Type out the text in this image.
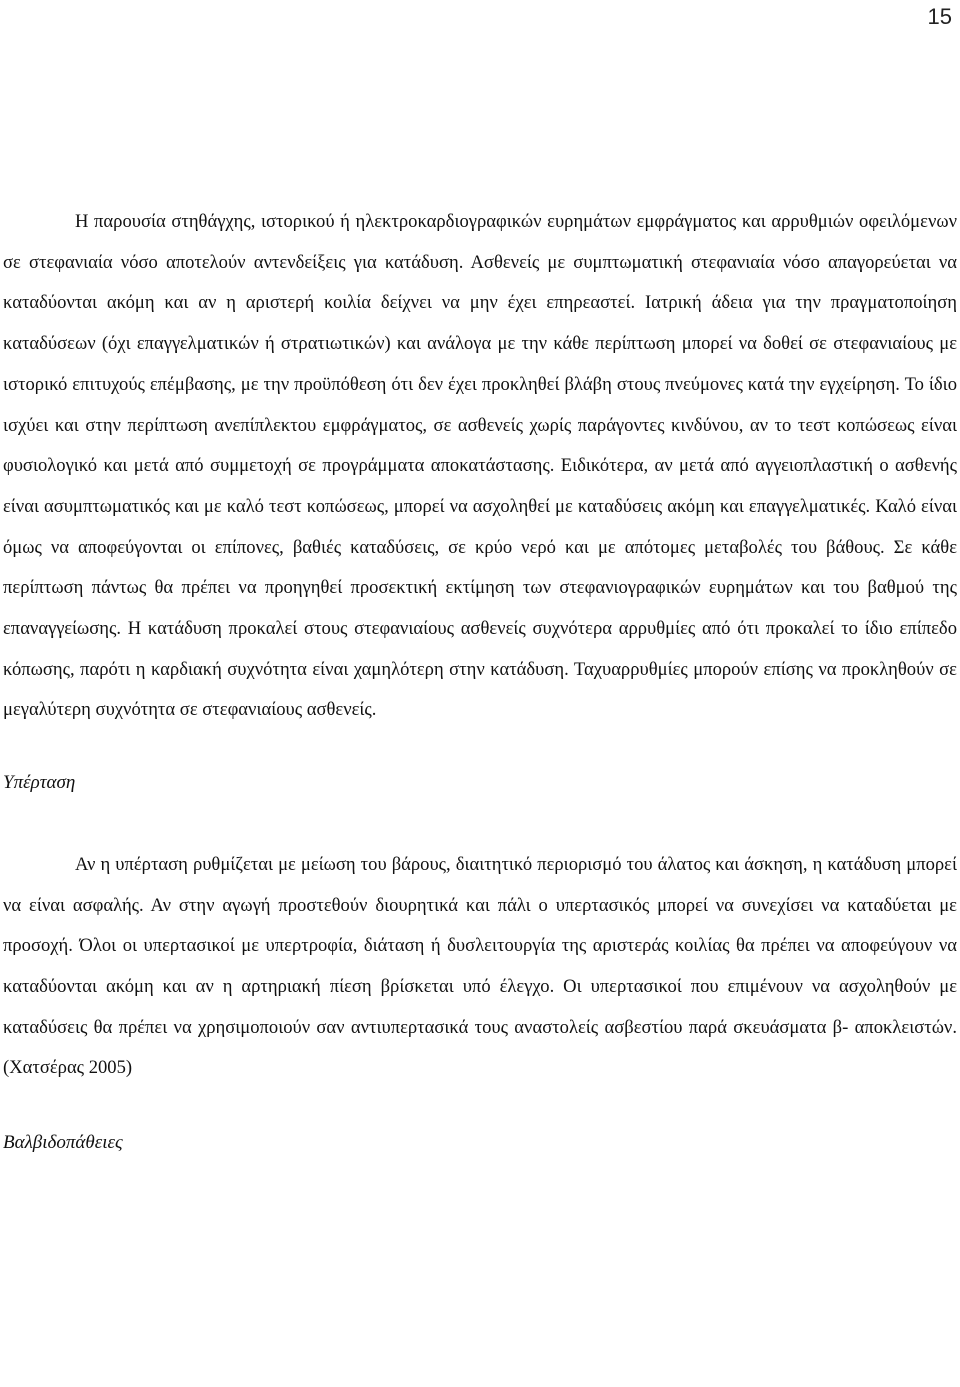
15

Η παρουσία στηθάγχης, ιστορικού ή ηλεκτροκαρδιογραφικών ευρημάτων εμφράγματος και αρρυθμιών οφειλόμενων σε στεφανιαία νόσο αποτελούν αντενδείξεις για κατάδυση. Ασθενείς με συμπτωματική στεφανιαία νόσο απαγορεύεται να καταδύονται ακόμη και αν η αριστερή κοιλία δείχνει να μην έχει επηρεαστεί. Ιατρική άδεια για την πραγματοποίηση καταδύσεων (όχι επαγγελματικών ή στρατιωτικών) και ανάλογα με την κάθε περίπτωση μπορεί να δοθεί σε στεφανιαίους με ιστορικό επιτυχούς επέμβασης, με την προϋπόθεση ότι δεν έχει προκληθεί βλάβη στους πνεύμονες κατά την εγχείρηση. Το ίδιο ισχύει και στην περίπτωση ανεπίπλεκτου εμφράγματος, σε ασθενείς χωρίς παράγοντες κινδύνου, αν το τεστ κοπώσεως είναι φυσιολογικό και μετά από συμμετοχή σε προγράμματα αποκατάστασης. Ειδικότερα, αν μετά από αγγειοπλαστική ο ασθενής είναι ασυμπτωματικός και με καλό τεστ κοπώσεως, μπορεί να ασχοληθεί με καταδύσεις ακόμη και επαγγελματικές. Καλό είναι όμως να αποφεύγονται οι επίπονες, βαθιές καταδύσεις, σε κρύο νερό και με απότομες μεταβολές του βάθους. Σε κάθε περίπτωση πάντως θα πρέπει να προηγηθεί προσεκτική εκτίμηση των στεφανιογραφικών ευρημάτων και του βαθμού της επαναγγείωσης. Η κατάδυση προκαλεί στους στεφανιαίους ασθενείς συχνότερα αρρυθμίες από ότι προκαλεί το ίδιο επίπεδο κόπωσης, παρότι η καρδιακή συχνότητα είναι χαμηλότερη στην κατάδυση. Ταχυαρρυθμίες μπορούν επίσης να προκληθούν σε μεγαλύτερη συχνότητα σε στεφανιαίους ασθενείς.

Υπέρταση

Αν η υπέρταση ρυθμίζεται με μείωση του βάρους, διαιτητικό περιορισμό του άλατος και άσκηση, η κατάδυση μπορεί να είναι ασφαλής. Αν στην αγωγή προστεθούν διουρητικά και πάλι ο υπερτασικός μπορεί να συνεχίσει να καταδύεται με προσοχή. Όλοι οι υπερτασικοί με υπερτροφία, διάταση ή δυσλειτουργία της αριστεράς κοιλίας θα πρέπει να αποφεύγουν να καταδύονται ακόμη και αν η αρτηριακή πίεση βρίσκεται υπό έλεγχο. Οι υπερτασικοί που επιμένουν να ασχοληθούν με καταδύσεις θα πρέπει να χρησιμοποιούν σαν αντιυπερτασικά τους αναστολείς ασβεστίου παρά σκευάσματα β- αποκλειστών. (Χατσέρας 2005)

Βαλβιδοπάθειες
